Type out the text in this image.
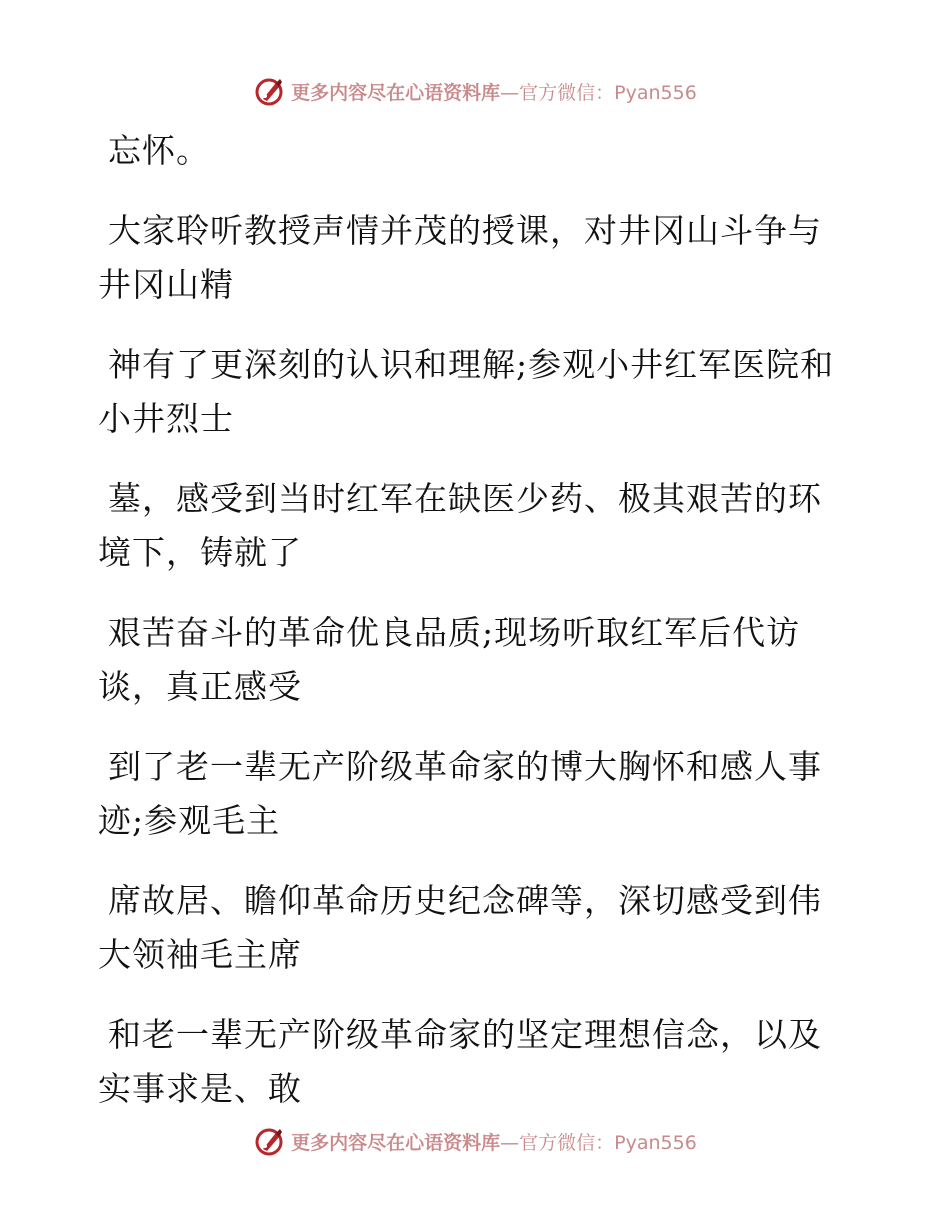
更多内容尽在心语资料库—官方微信：Pyan556
忘怀。
大家聆听教授声情并茂的授课，对井冈山斗争与
井冈山精
神有了更深刻的认识和理解;参观小井红军医院和
小井烈士
墓，感受到当时红军在缺医少药、极其艰苦的环
境下，铸就了
艰苦奋斗的革命优良品质;现场听取红军后代访
谈，真正感受
到了老一辈无产阶级革命家的博大胸怀和感人事
迹;参观毛主
席故居、瞻仰革命历史纪念碑等，深切感受到伟
大领袖毛主席
和老一辈无产阶级革命家的坚定理想信念，以及
实事求是、敢
更多内容尽在心语资料库—官方微信：Pyan556
